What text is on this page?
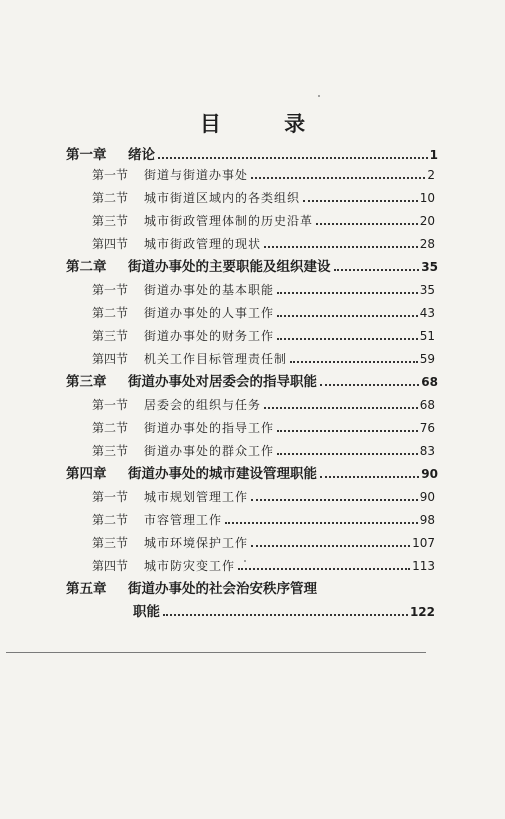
目 录
第一章	绪论	1
第一节	街道与街道办事处	2
第二节	城市街道区域内的各类组织	10
第三节	城市街政管理体制的历史沿革	20
第四节	城市街政管理的现状	28
第二章	街道办事处的主要职能及组织建设	35
第一节	街道办事处的基本职能	35
第二节	街道办事处的人事工作	43
第三节	街道办事处的财务工作	51
第四节	机关工作目标管理责任制	59
第三章	街道办事处对居委会的指导职能	68
第一节	居委会的组织与任务	68
第二节	街道办事处的指导工作	76
第三节	街道办事处的群众工作	83
第四章	街道办事处的城市建设管理职能	90
第一节	城市规划管理工作	90
第二节	市容管理工作	98
第三节	城市环境保护工作	107
第四节	城市防灾变工作	113
第五章	街道办事处的社会治安秩序管理
职能	122
